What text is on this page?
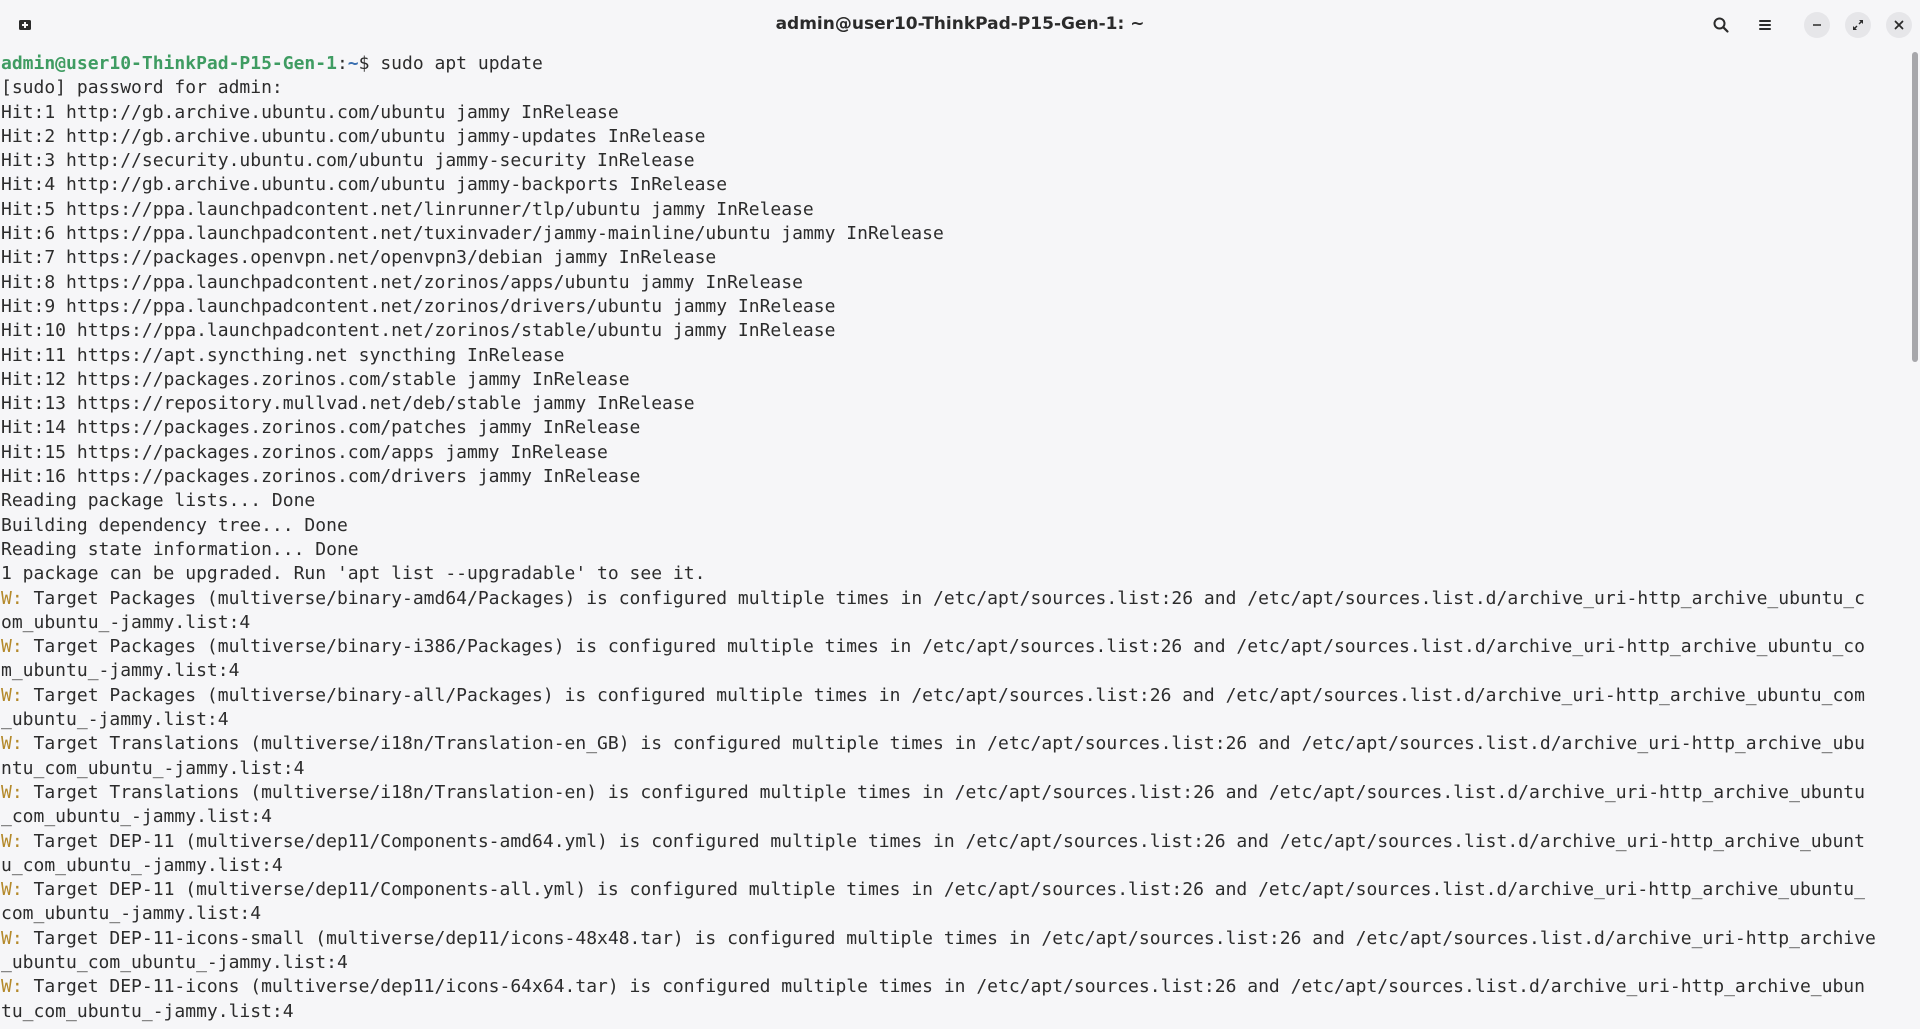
admin@user10-ThinkPad-P15-Gen-1: ~
admin@user10-ThinkPad-P15-Gen-1:~$ sudo apt update
[sudo] password for admin:
Hit:1 http://gb.archive.ubuntu.com/ubuntu jammy InRelease
Hit:2 http://gb.archive.ubuntu.com/ubuntu jammy-updates InRelease
Hit:3 http://security.ubuntu.com/ubuntu jammy-security InRelease
Hit:4 http://gb.archive.ubuntu.com/ubuntu jammy-backports InRelease
Hit:5 https://ppa.launchpadcontent.net/linrunner/tlp/ubuntu jammy InRelease
Hit:6 https://ppa.launchpadcontent.net/tuxinvader/jammy-mainline/ubuntu jammy InRelease
Hit:7 https://packages.openvpn.net/openvpn3/debian jammy InRelease
Hit:8 https://ppa.launchpadcontent.net/zorinos/apps/ubuntu jammy InRelease
Hit:9 https://ppa.launchpadcontent.net/zorinos/drivers/ubuntu jammy InRelease
Hit:10 https://ppa.launchpadcontent.net/zorinos/stable/ubuntu jammy InRelease
Hit:11 https://apt.syncthing.net syncthing InRelease
Hit:12 https://packages.zorinos.com/stable jammy InRelease
Hit:13 https://repository.mullvad.net/deb/stable jammy InRelease
Hit:14 https://packages.zorinos.com/patches jammy InRelease
Hit:15 https://packages.zorinos.com/apps jammy InRelease
Hit:16 https://packages.zorinos.com/drivers jammy InRelease
Reading package lists... Done
Building dependency tree... Done
Reading state information... Done
1 package can be upgraded. Run 'apt list --upgradable' to see it.
W: Target Packages (multiverse/binary-amd64/Packages) is configured multiple times in /etc/apt/sources.list:26 and /etc/apt/sources.list.d/archive_uri-http_archive_ubuntu_c
om_ubuntu_-jammy.list:4
W: Target Packages (multiverse/binary-i386/Packages) is configured multiple times in /etc/apt/sources.list:26 and /etc/apt/sources.list.d/archive_uri-http_archive_ubuntu_co
m_ubuntu_-jammy.list:4
W: Target Packages (multiverse/binary-all/Packages) is configured multiple times in /etc/apt/sources.list:26 and /etc/apt/sources.list.d/archive_uri-http_archive_ubuntu_com
_ubuntu_-jammy.list:4
W: Target Translations (multiverse/i18n/Translation-en_GB) is configured multiple times in /etc/apt/sources.list:26 and /etc/apt/sources.list.d/archive_uri-http_archive_ubu
ntu_com_ubuntu_-jammy.list:4
W: Target Translations (multiverse/i18n/Translation-en) is configured multiple times in /etc/apt/sources.list:26 and /etc/apt/sources.list.d/archive_uri-http_archive_ubuntu
_com_ubuntu_-jammy.list:4
W: Target DEP-11 (multiverse/dep11/Components-amd64.yml) is configured multiple times in /etc/apt/sources.list:26 and /etc/apt/sources.list.d/archive_uri-http_archive_ubunt
u_com_ubuntu_-jammy.list:4
W: Target DEP-11 (multiverse/dep11/Components-all.yml) is configured multiple times in /etc/apt/sources.list:26 and /etc/apt/sources.list.d/archive_uri-http_archive_ubuntu_
com_ubuntu_-jammy.list:4
W: Target DEP-11-icons-small (multiverse/dep11/icons-48x48.tar) is configured multiple times in /etc/apt/sources.list:26 and /etc/apt/sources.list.d/archive_uri-http_archive
_ubuntu_com_ubuntu_-jammy.list:4
W: Target DEP-11-icons (multiverse/dep11/icons-64x64.tar) is configured multiple times in /etc/apt/sources.list:26 and /etc/apt/sources.list.d/archive_uri-http_archive_ubun
tu_com_ubuntu_-jammy.list:4
